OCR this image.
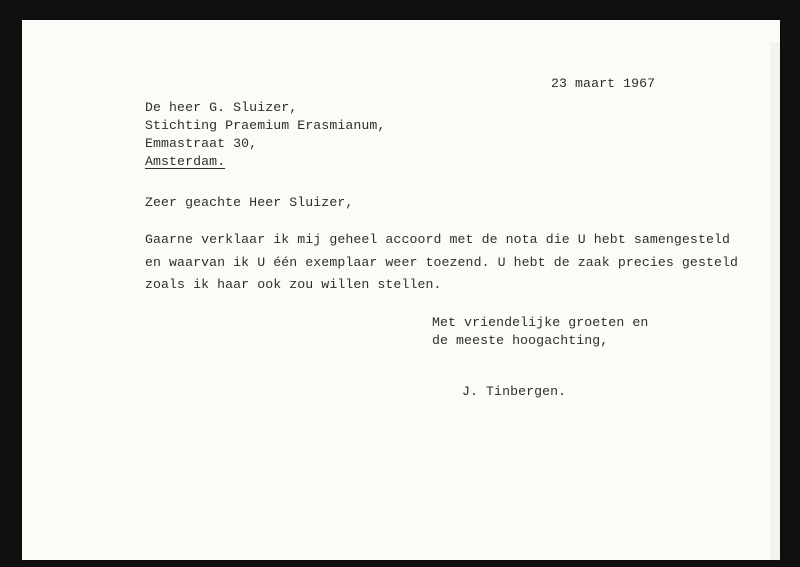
23 maart 1967
De heer G. Sluizer,
Stichting Praemium Erasmianum,
Emmastraat 30,
Amsterdam.
Zeer geachte Heer Sluizer,
Gaarne verklaar ik mij geheel accoord met de nota die U hebt samengesteld
en waarvan ik U één exemplaar weer toezend. U hebt de zaak precies gesteld
zoals ik haar ook zou willen stellen.
Met vriendelijke groeten en
de meeste hoogachting,
J. Tinbergen.
